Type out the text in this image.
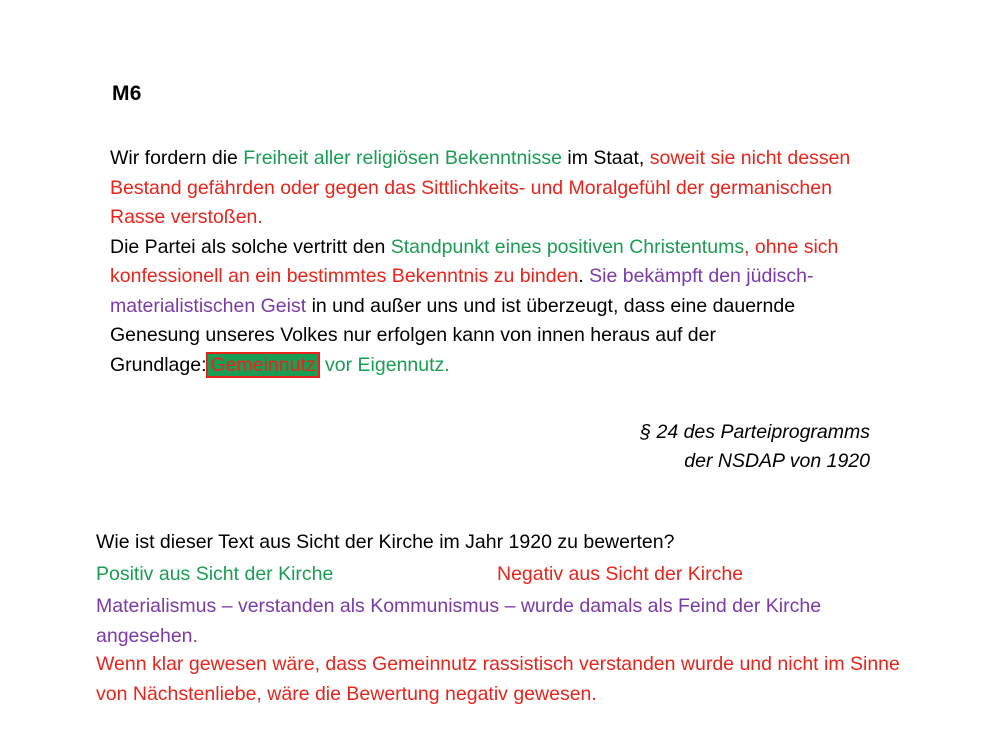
M6

Wir fordern die Freiheit aller religiösen Bekenntnisse im Staat, soweit sie nicht dessen Bestand gefährden oder gegen das Sittlichkeits- und Moralgefühl der germanischen Rasse verstoßen.

Die Partei als solche vertritt den Standpunkt eines positiven Christentums, ohne sich konfessionell an ein bestimmtes Bekenntnis zu binden. Sie bekämpft den jüdisch-materialistischen Geist in und außer uns und ist überzeugt, dass eine dauernde Genesung unseres Volkes nur erfolgen kann von innen heraus auf der Grundlage: Gemeinnutz vor Eigennutz.

§ 24 des Parteiprogramms
der NSDAP von 1920
Wie ist dieser Text aus Sicht der Kirche im Jahr 1920 zu bewerten?
Positiv aus Sicht der Kirche	Negativ aus Sicht der Kirche
Materialismus – verstanden als Kommunismus – wurde damals als Feind der Kirche angesehen.
Wenn klar gewesen wäre, dass Gemeinnutz rassistisch verstanden wurde und nicht im Sinne von Nächstenliebe, wäre die Bewertung negativ gewesen.
